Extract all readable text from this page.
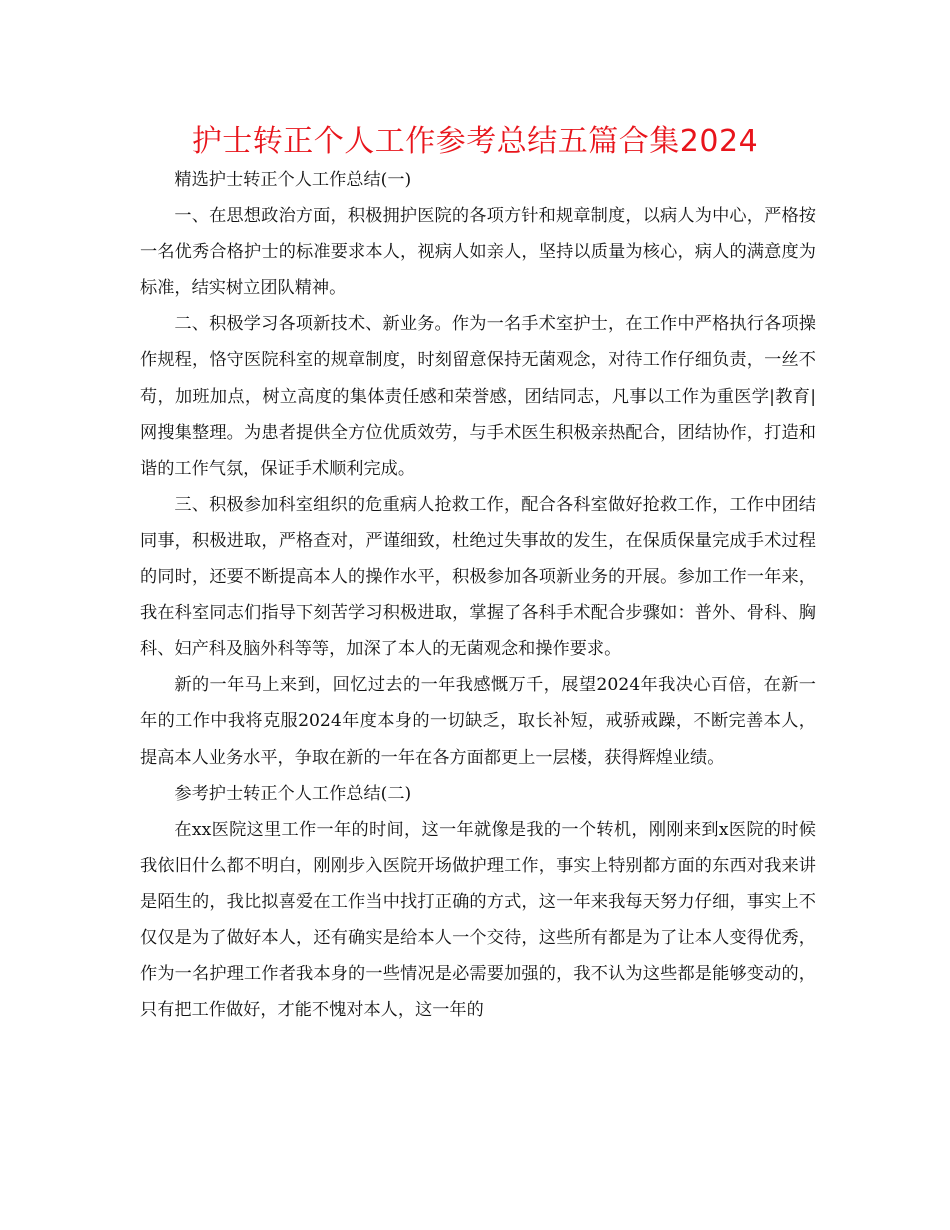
护士转正个人工作参考总结五篇合集2024

精选护士转正个人工作总结(一)

一、在思想政治方面，积极拥护医院的各项方针和规章制度，以病人为中心，严格按一名优秀合格护士的标准要求本人，视病人如亲人，坚持以质量为核心，病人的满意度为标准，结实树立团队精神。

二、积极学习各项新技术、新业务。作为一名手术室护士，在工作中严格执行各项操作规程，恪守医院科室的规章制度，时刻留意保持无菌观念，对待工作仔细负责，一丝不苟，加班加点，树立高度的集体责任感和荣誉感，团结同志，凡事以工作为重医学|教育|网搜集整理。为患者提供全方位优质效劳，与手术医生积极亲热配合，团结协作，打造和谐的工作气氛，保证手术顺利完成。

三、积极参加科室组织的危重病人抢救工作，配合各科室做好抢救工作，工作中团结同事，积极进取，严格查对，严谨细致，杜绝过失事故的发生，在保质保量完成手术过程的同时，还要不断提高本人的操作水平，积极参加各项新业务的开展。参加工作一年来，我在科室同志们指导下刻苦学习积极进取，掌握了各科手术配合步骤如：普外、骨科、胸科、妇产科及脑外科等等，加深了本人的无菌观念和操作要求。

新的一年马上来到，回忆过去的一年我感慨万千，展望2024年我决心百倍，在新一年的工作中我将克服2024年度本身的一切缺乏，取长补短，戒骄戒躁，不断完善本人，提高本人业务水平，争取在新的一年在各方面都更上一层楼，获得辉煌业绩。

参考护士转正个人工作总结(二)

在xx医院这里工作一年的时间，这一年就像是我的一个转机，刚刚来到x医院的时候我依旧什么都不明白，刚刚步入医院开场做护理工作，事实上特别都方面的东西对我来讲是陌生的，我比拟喜爱在工作当中找打正确的方式，这一年来我每天努力仔细，事实上不仅仅是为了做好本人，还有确实是给本人一个交待，这些所有都是为了让本人变得优秀，作为一名护理工作者我本身的一些情况是必需要加强的，我不认为这些都是能够变动的，只有把工作做好，才能不愧对本人，这一年的
